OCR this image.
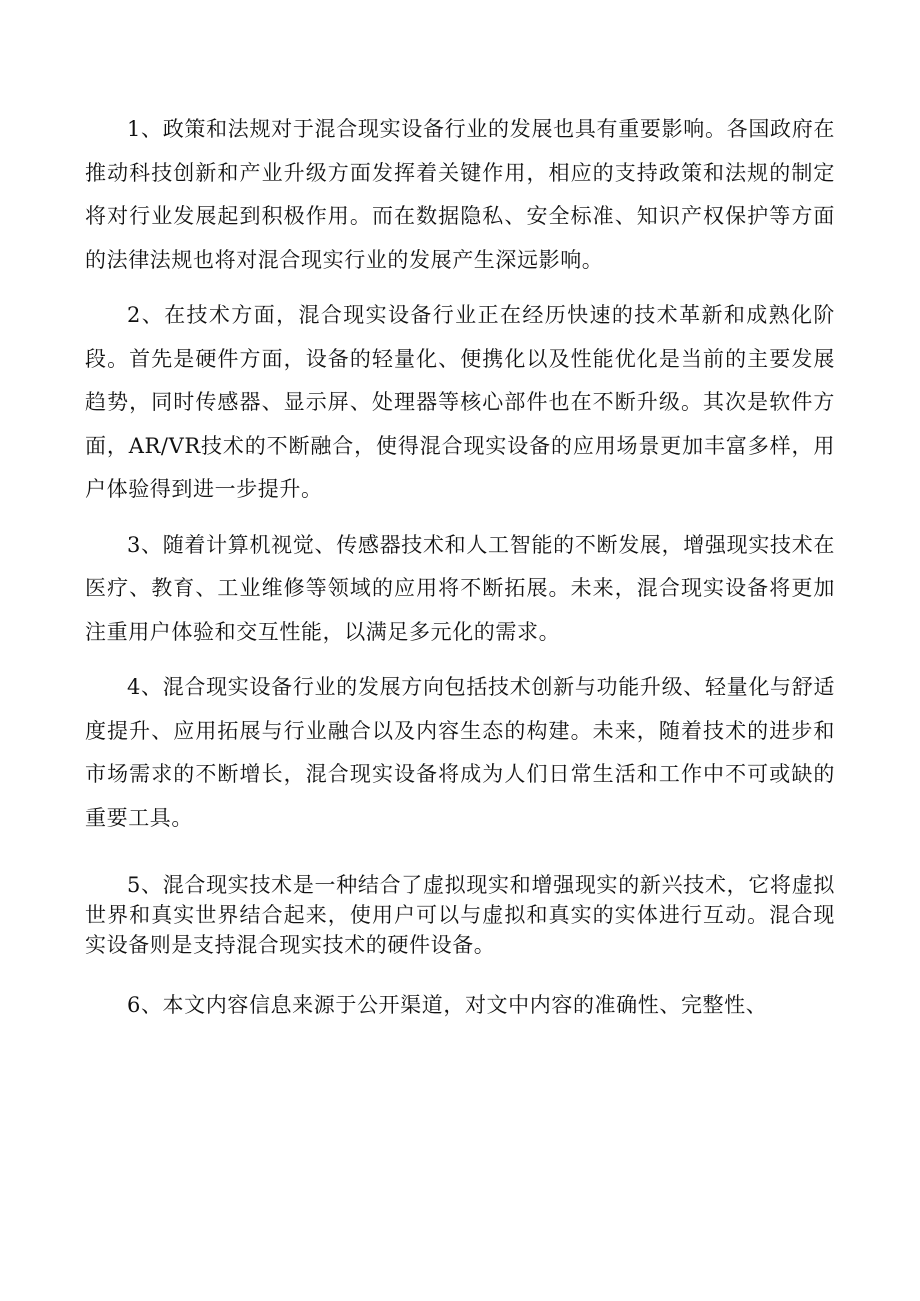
1、政策和法规对于混合现实设备行业的发展也具有重要影响。各国政府在推动科技创新和产业升级方面发挥着关键作用，相应的支持政策和法规的制定将对行业发展起到积极作用。而在数据隐私、安全标准、知识产权保护等方面的法律法规也将对混合现实行业的发展产生深远影响。

2、在技术方面，混合现实设备行业正在经历快速的技术革新和成熟化阶段。首先是硬件方面，设备的轻量化、便携化以及性能优化是当前的主要发展趋势，同时传感器、显示屏、处理器等核心部件也在不断升级。其次是软件方面，AR/VR技术的不断融合，使得混合现实设备的应用场景更加丰富多样，用户体验得到进一步提升。

3、随着计算机视觉、传感器技术和人工智能的不断发展，增强现实技术在医疗、教育、工业维修等领域的应用将不断拓展。未来，混合现实设备将更加注重用户体验和交互性能，以满足多元化的需求。

4、混合现实设备行业的发展方向包括技术创新与功能升级、轻量化与舒适度提升、应用拓展与行业融合以及内容生态的构建。未来，随着技术的进步和市场需求的不断增长，混合现实设备将成为人们日常生活和工作中不可或缺的重要工具。

5、混合现实技术是一种结合了虚拟现实和增强现实的新兴技术，它将虚拟世界和真实世界结合起来，使用户可以与虚拟和真实的实体进行互动。混合现实设备则是支持混合现实技术的硬件设备。

6、本文内容信息来源于公开渠道，对文中内容的准确性、完整性、
